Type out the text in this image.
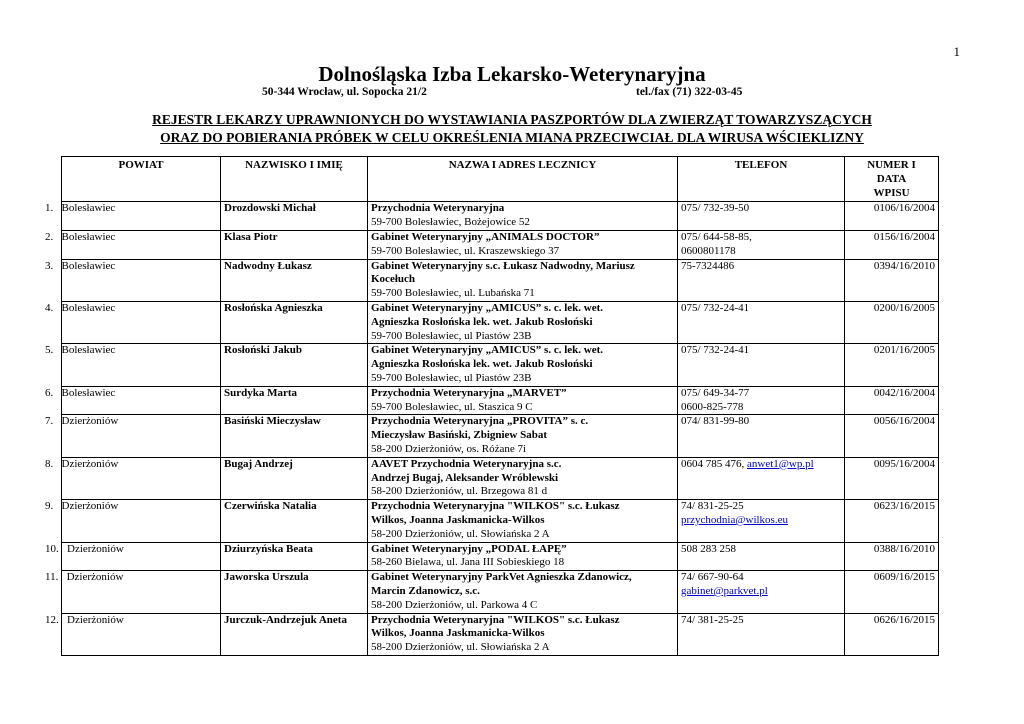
1
Dolnośląska Izba Lekarsko-Weterynaryjna
50-344 Wrocław, ul. Sopocka 21/2	tel./fax (71) 322-03-45
REJESTR LEKARZY UPRAWNIONYCH DO WYSTAWIANIA PASZPORTÓW DLA ZWIERZĄT TOWARZYSZĄCYCH
ORAZ DO POBIERANIA PRÓBEK W CELU OKREŚLENIA MIANA PRZECIWCIAŁ DLA WIRUSA WŚCIEKLIZNY
POWIAT	NAZWISKO I IMIĘ	NAZWA I ADRES LECZNICY	TELEFON	NUMER I
DATA
WPISU

1. Bolesławiec	Drozdowski Michał	Przychodnia Weterynaryjna
59-700 Bolesławiec, Bożejowice 52	075/ 732-39-50	0106/16/2004
2. Bolesławiec	Klasa Piotr	Gabinet Weterynaryjny „ANIMALS DOCTOR”
59-700 Bolesławiec, ul. Kraszewskiego 37	075/ 644-58-85,
0600801178	0156/16/2004
3. Bolesławiec	Nadwodny Łukasz	Gabinet Weterynaryjny s.c. Łukasz Nadwodny, Mariusz
Kocełuch
59-700 Bolesławiec, ul. Lubańska 71	75-7324486	0394/16/2010
4. Bolesławiec	Rosłońska Agnieszka	Gabinet Weterynaryjny „AMICUS” s. c. lek. wet.
Agnieszka Rosłońska lek. wet. Jakub Rosłoński
59-700 Bolesławiec, ul Piastów 23B	075/ 732-24-41	0200/16/2005
5. Bolesławiec	Rosłoński Jakub	Gabinet Weterynaryjny „AMICUS” s. c. lek. wet.
Agnieszka Rosłońska lek. wet. Jakub Rosłoński
59-700 Bolesławiec, ul Piastów 23B	075/ 732-24-41	0201/16/2005
6. Bolesławiec	Surdyka Marta	Przychodnia Weterynaryjna „MARVET”
59-700 Bolesławiec, ul. Staszica 9 C	075/ 649-34-77
0600-825-778	0042/16/2004
7. Dzierżoniów	Basiński Mieczysław	Przychodnia Weterynaryjna „PROVITA” s. c.
Mieczysław Basiński, Zbigniew Sabat
58-200 Dzierżoniów, os. Różane 7i	074/ 831-99-80	0056/16/2004
8. Dzierżoniów	Bugaj Andrzej	AAVET Przychodnia Weterynaryjna s.c.
Andrzej Bugaj, Aleksander Wróblewski
58-200 Dzierżoniów, ul. Brzegowa 81 d	0604 785 476, anwet1@wp.pl	0095/16/2004
9. Dzierżoniów	Czerwińska Natalia	Przychodnia Weterynaryjna "WILKOS" s.c. Łukasz
Wilkos, Joanna Jaskmanicka-Wilkos
58-200 Dzierżoniów, ul. Słowiańska 2 A	74/ 831-25-25
przychodnia@wilkos.eu	0623/16/2015
10. Dzierżoniów	Dziurzyńska Beata	Gabinet Weterynaryjny „PODAL ŁAPĘ”
58-260 Bielawa, ul. Jana III Sobieskiego 18	508 283 258	0388/16/2010
11. Dzierżoniów	Jaworska Urszula	Gabinet Weterynaryjny ParkVet Agnieszka Zdanowicz,
Marcin Zdanowicz, s.c.
58-200 Dzierżoniów, ul. Parkowa 4 C	74/ 667-90-64
gabinet@parkvet.pl	0609/16/2015
12. Dzierżoniów	Jurczuk-Andrzejuk Aneta	Przychodnia Weterynaryjna "WILKOS" s.c. Łukasz
Wilkos, Joanna Jaskmanicka-Wilkos
58-200 Dzierżoniów, ul. Słowiańska 2 A	74/ 381-25-25	0626/16/2015
